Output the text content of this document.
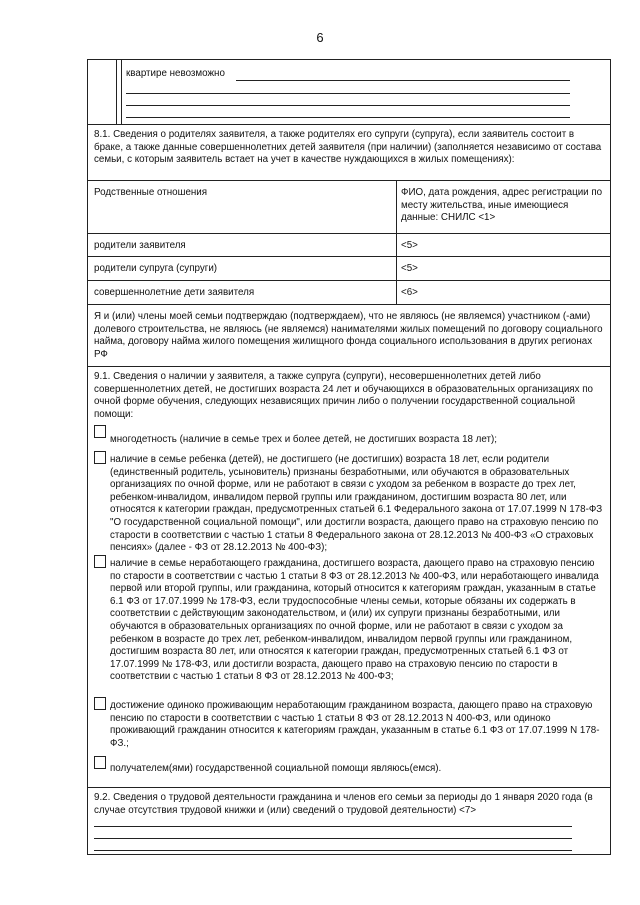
6
квартире невозможно
8.1. Сведения о родителях заявителя, а также родителях его супруги (супруга), если заявитель состоит в браке, а также данные совершеннолетних детей заявителя (при наличии) (заполняется независимо от состава семьи, с которым заявитель встает на учет в качестве нуждающихся в жилых помещениях):
Родственные отношения	ФИО, дата рождения, адрес регистрации по месту жительства, иные имеющиеся данные: СНИЛС <1>
родители заявителя	<5>
родители супруга (супруги)	<5>
совершеннолетние дети заявителя	<6>
Я и (или) члены моей семьи подтверждаю (подтверждаем), что не являюсь (не являемся) участником (-ами) долевого строительства, не являюсь (не являемся) нанимателями жилых помещений по договору социального найма, договору найма жилого помещения жилищного фонда социального использования в других регионах РФ
9.1. Сведения о наличии у заявителя, а также супруга (супруги), несовершеннолетних детей либо совершеннолетних детей, не достигших возраста 24 лет и обучающихся в образовательных организациях по очной форме обучения, следующих независящих причин либо о получении государственной социальной помощи:
многодетность (наличие в семье трех и более детей, не достигших возраста 18 лет);
наличие в семье ребенка (детей), не достигшего (не достигших) возраста 18 лет, если родители (единственный родитель, усыновитель) признаны безработными, или обучаются в образовательных организациях по очной форме, или не работают в связи с уходом за ребенком в возрасте до трех лет, ребенком-инвалидом, инвалидом первой группы или гражданином, достигшим возраста 80 лет, или относятся к категории граждан, предусмотренных статьей 6.1 Федерального закона от 17.07.1999 N 178-ФЗ "О государственной социальной помощи", или достигли возраста, дающего право на страховую пенсию по старости в соответствии с частью 1 статьи 8 Федерального закона от 28.12.2013 № 400-ФЗ «О страховых пенсиях» (далее - ФЗ от 28.12.2013 № 400-ФЗ);
наличие в семье неработающего гражданина, достигшего возраста, дающего право на страховую пенсию по старости в соответствии с частью 1 статьи 8 ФЗ от 28.12.2013 № 400-ФЗ, или неработающего инвалида первой или второй группы, или гражданина, который относится к категориям граждан, указанным в статье 6.1 ФЗ от 17.07.1999 № 178-ФЗ, если трудоспособные члены семьи, которые обязаны их содержать в соответствии с действующим законодательством, и (или) их супруги признаны безработными, или обучаются в образовательных организациях по очной форме, или не работают в связи с уходом за ребенком в возрасте до трех лет, ребенком-инвалидом, инвалидом первой группы или гражданином, достигшим возраста 80 лет, или относятся к категории граждан, предусмотренных статьей 6.1 ФЗ от 17.07.1999 № 178-ФЗ, или достигли возраста, дающего право на страховую пенсию по старости в соответствии с частью 1 статьи 8 ФЗ от 28.12.2013 № 400-ФЗ;
достижение одиноко проживающим неработающим гражданином возраста, дающего право на страховую пенсию по старости в соответствии с частью 1 статьи 8 ФЗ от 28.12.2013 N 400-ФЗ, или одиноко проживающий гражданин относится к категориям граждан, указанным в статье 6.1 ФЗ от 17.07.1999 N 178-ФЗ.;
получателем(ями) государственной социальной помощи являюсь(емся).
9.2. Сведения о трудовой деятельности гражданина и членов его семьи за периоды до 1 января 2020 года (в случае отсутствия трудовой книжки и (или) сведений о трудовой деятельности) <7>
